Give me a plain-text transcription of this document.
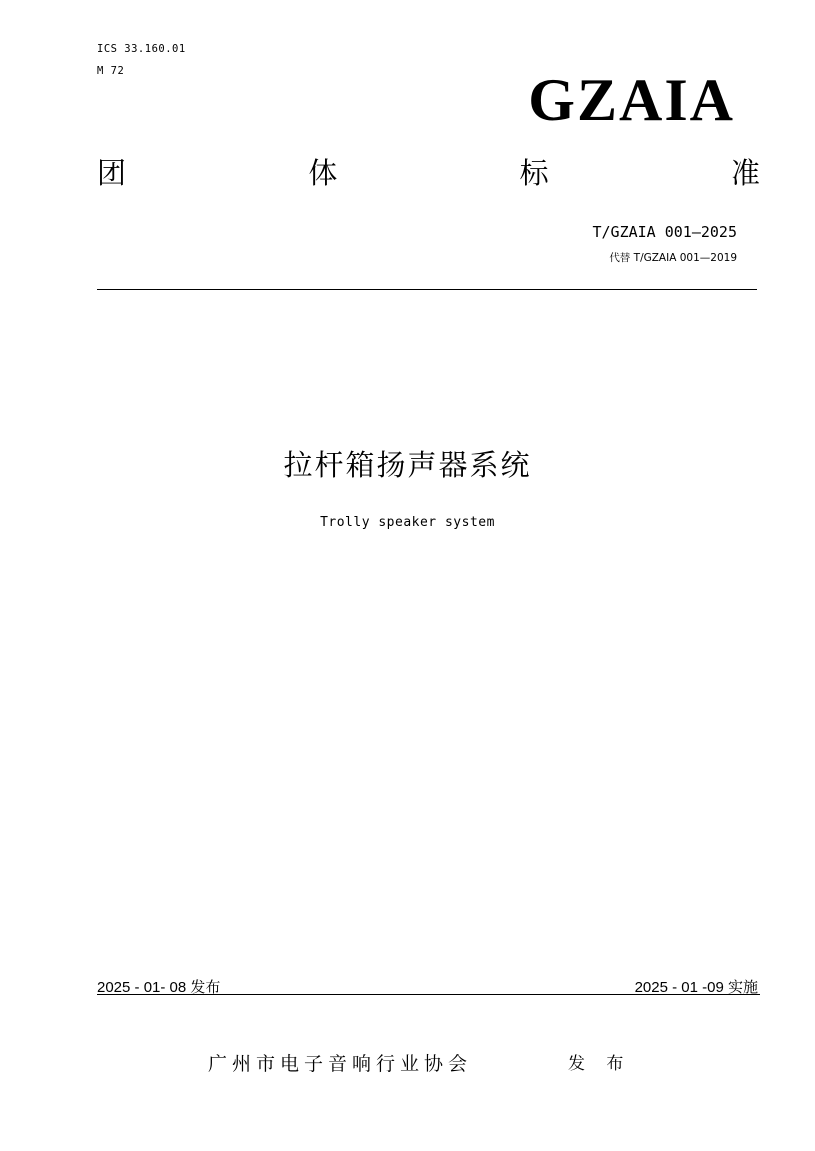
ICS 33.160.01
M 72	GZAIA
团	体	标	准
T/GZAIA 001—2025
代替 T/GZAIA 001—2019
拉杆箱扬声器系统
Trolly speaker system
2025 - 01- 08 发布	2025 - 01 -09 实施
广州市电子音响行业协会	发 布
